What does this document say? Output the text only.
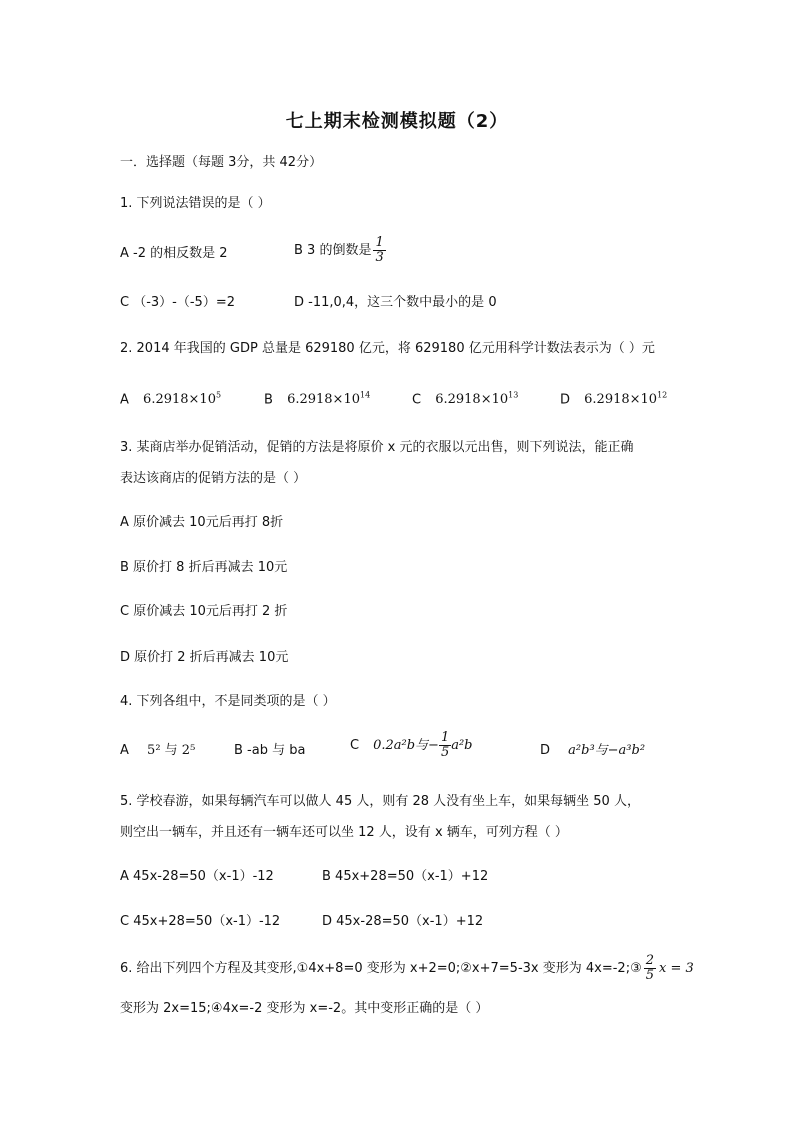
七上期末检测模拟题（2）
一．选择题（每题 3分，共 42分）
1. 下列说法错误的是（ ）
A -2 的相反数是 2	B 3 的倒数是 $\frac{1}{3}$
C （-3）-（-5）=2	D -11,0,4，这三个数中最小的是 0
2. 2014 年我国的 GDP 总量是 629180 亿元，将 629180 亿元用科学计数法表示为（ ）元
A $6.2918\times 10^5$	B $6.2918\times 10^{14}$	C $6.2918\times 10^{13}$	D $6.2918\times 10^{12}$
3. 某商店举办促销活动，促销的方法是将原价 x 元的衣服以元出售，则下列说法，能正确
表达该商店的促销方法的是（ ）
A 原价减去 10元后再打 8折
B 原价打 8 折后再减去 10元
C 原价减去 10元后再打 2 折
D 原价打 2 折后再减去 10元
4. 下列各组中，不是同类项的是（ ）
A 5² 与 2⁵	B -ab 与 ba	C 0.2a²b与− $\frac{1}{5} a^2b$	D a²b³与−a³b²
5. 学校春游，如果每辆汽车可以做人 45 人，则有 28 人没有坐上车，如果每辆坐 50 人，
则空出一辆车，并且还有一辆车还可以坐 12 人，设有 x 辆车，可列方程（ ）
A 45x-28=50（x-1）-12	B 45x+28=50（x-1）+12
C 45x+28=50（x-1）-12	D 45x-28=50（x-1）+12
6. 给出下列四个方程及其变形,①4x+8=0 变形为 x+2=0;②x+7=5-3x 变形为 4x=-2;③ $\frac{2}{5}$ x = 3
变形为 2x=15;④4x=-2 变形为 x=-2。其中变形正确的是（ ）
